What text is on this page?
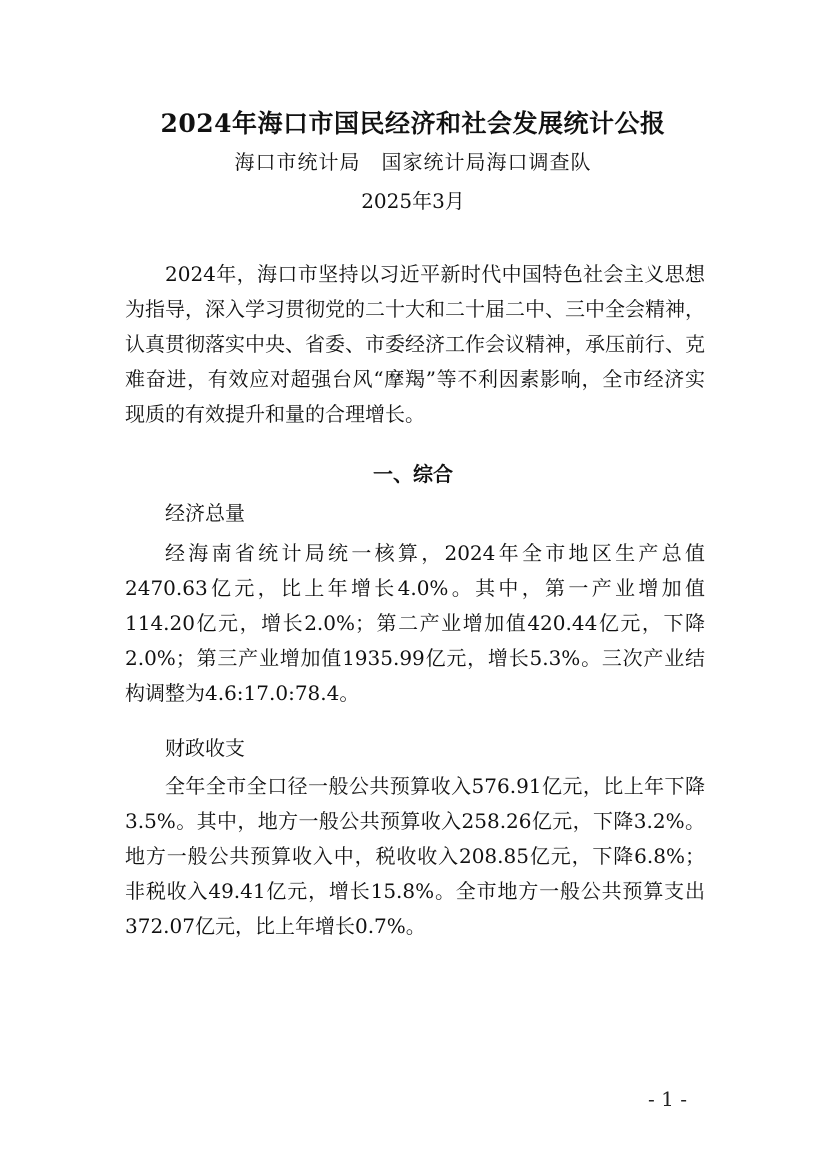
2024年海口市国民经济和社会发展统计公报
海口市统计局　国家统计局海口调查队
2025年3月

2024年，海口市坚持以习近平新时代中国特色社会主义思想为指导，深入学习贯彻党的二十大和二十届二中、三中全会精神，认真贯彻落实中央、省委、市委经济工作会议精神，承压前行、克难奋进，有效应对超强台风“摩羯”等不利因素影响，全市经济实现质的有效提升和量的合理增长。

一、综合
经济总量

经海南省统计局统一核算，2024年全市地区生产总值2470.63亿元，比上年增长4.0%。其中，第一产业增加值114.20亿元，增长2.0%；第二产业增加值420.44亿元，下降2.0%；第三产业增加值1935.99亿元，增长5.3%。三次产业结构调整为4.6:17.0:78.4。

财政收支

全年全市全口径一般公共预算收入576.91亿元，比上年下降3.5%。其中，地方一般公共预算收入258.26亿元，下降3.2%。地方一般公共预算收入中，税收收入208.85亿元，下降6.8%；非税收入49.41亿元，增长15.8%。全市地方一般公共预算支出372.07亿元，比上年增长0.7%。

- 1 -
